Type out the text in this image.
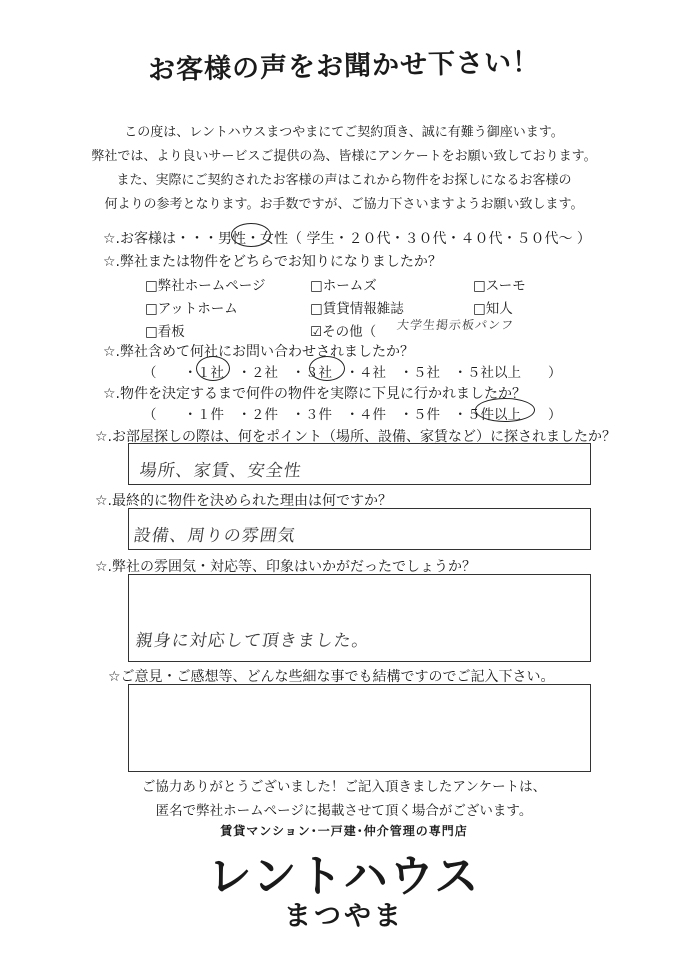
お客様の声をお聞かせ下さい！
この度は、レントハウスまつやまにてご契約頂き、誠に有難う御座います。
弊社では、より良いサービスご提供の為、皆様にアンケートをお願い致しております。
また、実際にご契約されたお客様の声はこれから物件をお探しになるお客様の
何よりの参考となります。お手数ですが、ご協力下さいますようお願い致します。
☆.お客様は・・・男性・女性（ 学生・２０代・３０代・４０代・５０代～ ）
☆.弊社または物件をどちらでお知りになりましたか？
□弊社ホームページ	□ホームズ	□スーモ
□アットホーム	□賃貸情報雑誌	□知人
□看板	☑その他（ 大学生掲示板パンフ
☆.弊社含めて何社にお問い合わせされましたか？
（　　・１社　・２社　・３社　・４社　・５社　・５社以上　　）
☆.物件を決定するまで何件の物件を実際に下見に行かれましたか？
（　　・１件　・２件　・３件　・４件　・５件　・５件以上　　）
☆.お部屋探しの際は、何をポイント（場所、設備、家賃など）に探されましたか？
場所、家賃、安全性
☆.最終的に物件を決められた理由は何ですか？
設備、周りの雰囲気
☆.弊社の雰囲気・対応等、印象はいかがだったでしょうか？
親身に対応して頂きました。
☆ご意見・ご感想等、どんな些細な事でも結構ですのでご記入下さい。
ご協力ありがとうございました！ご記入頂きましたアンケートは、
匿名で弊社ホームページに掲載させて頂く場合がございます。
賃貸マンション･一戸建･仲介管理の専門店
レントハウス
まつやま
